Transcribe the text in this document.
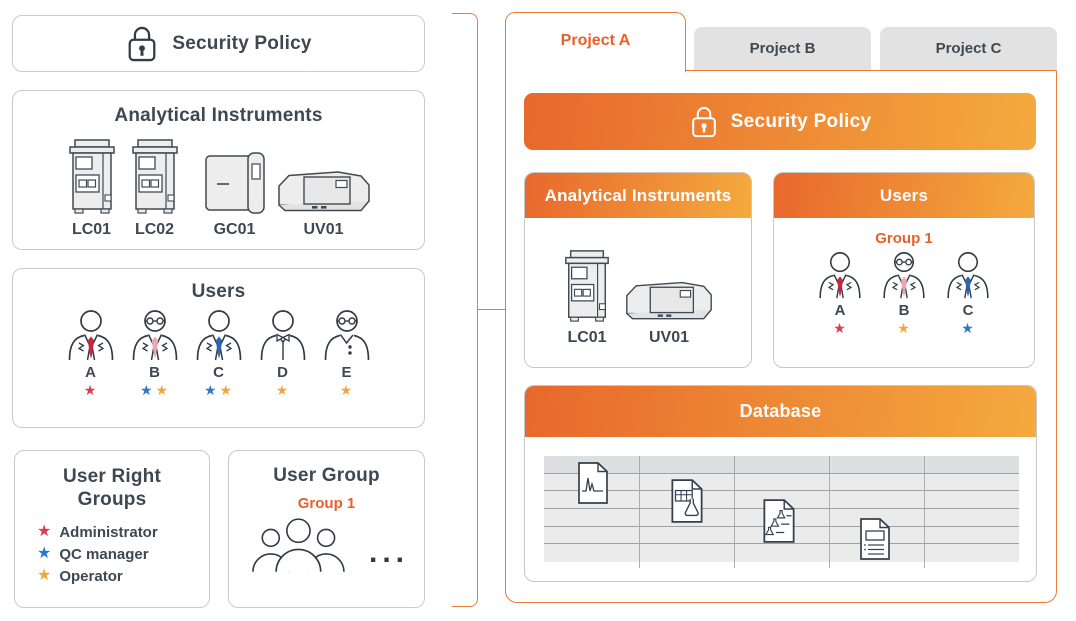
Security Policy
Analytical Instruments
LC01 LC02 GC01	UV01
Users
A
★
B
★ ★
C
★ ★
D
★
E
★
User Right
Groups
★ Administrator
★ QC manager
★ Operator
User Group
Group 1
...
Project A	Project B	Project C
Security Policy
Analytical Instruments
LC01	UV01
Users
Group 1
A
★
B
★
C
★
Database
